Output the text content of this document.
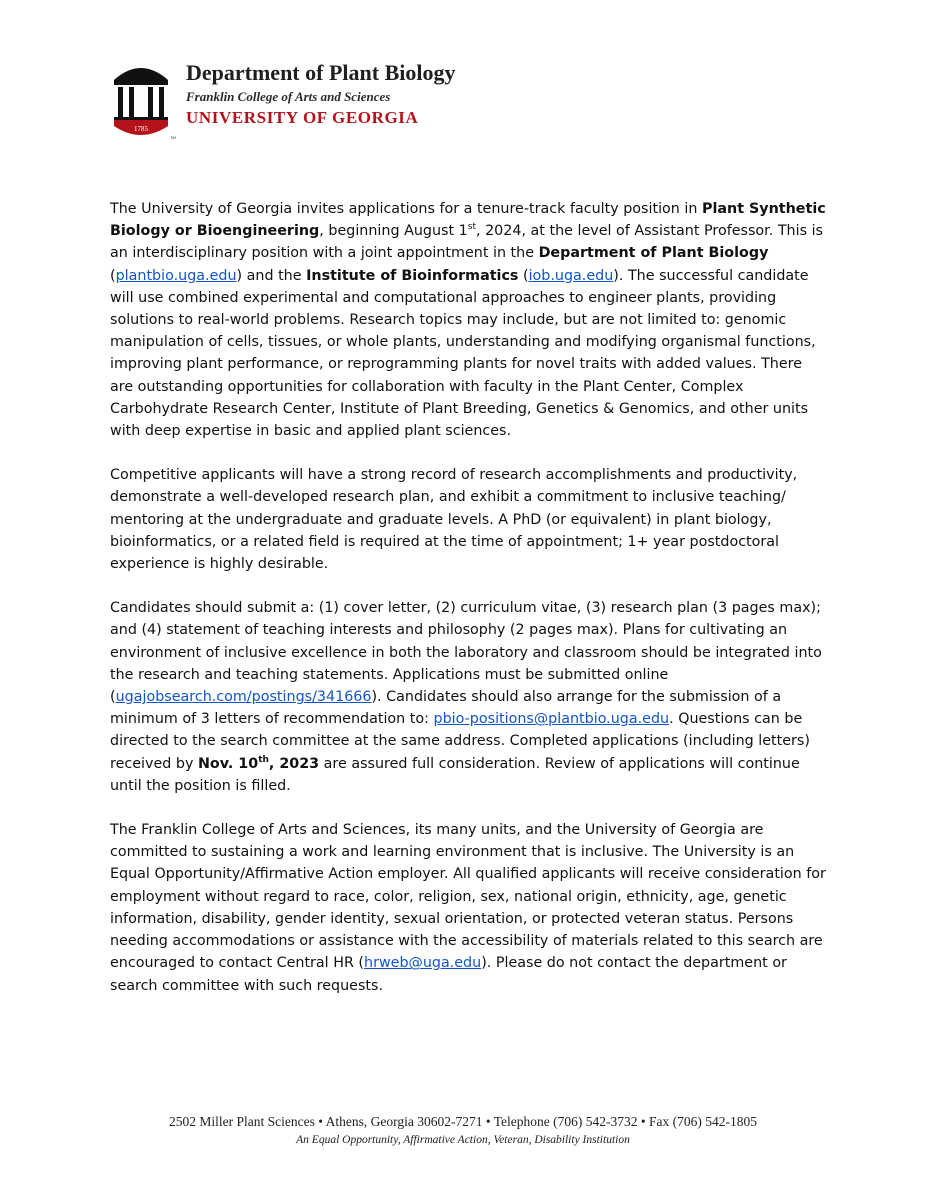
1785
TM
Department of Plant Biology
Franklin College of Arts and Sciences
UNIVERSITY OF GEORGIA

The University of Georgia invites applications for a tenure-track faculty position in Plant Synthetic Biology or Bioengineering, beginning August 1st, 2024, at the level of Assistant Professor. This is an interdisciplinary position with a joint appointment in the Department of Plant Biology (plantbio.uga.edu) and the Institute of Bioinformatics (iob.uga.edu). The successful candidate will use combined experimental and computational approaches to engineer plants, providing solutions to real-world problems. Research topics may include, but are not limited to: genomic manipulation of cells, tissues, or whole plants, understanding and modifying organismal functions, improving plant performance, or reprogramming plants for novel traits with added values. There are outstanding opportunities for collaboration with faculty in the Plant Center, Complex Carbohydrate Research Center, Institute of Plant Breeding, Genetics & Genomics, and other units with deep expertise in basic and applied plant sciences.

Competitive applicants will have a strong record of research accomplishments and productivity, demonstrate a well-developed research plan, and exhibit a commitment to inclusive teaching/ mentoring at the undergraduate and graduate levels. A PhD (or equivalent) in plant biology, bioinformatics, or a related field is required at the time of appointment; 1+ year postdoctoral experience is highly desirable.

Candidates should submit a: (1) cover letter, (2) curriculum vitae, (3) research plan (3 pages max); and (4) statement of teaching interests and philosophy (2 pages max). Plans for cultivating an environment of inclusive excellence in both the laboratory and classroom should be integrated into the research and teaching statements. Applications must be submitted online (ugajobsearch.com/postings/341666). Candidates should also arrange for the submission of a minimum of 3 letters of recommendation to: pbio-positions@plantbio.uga.edu. Questions can be directed to the search committee at the same address. Completed applications (including letters) received by Nov. 10th, 2023 are assured full consideration. Review of applications will continue until the position is filled.

The Franklin College of Arts and Sciences, its many units, and the University of Georgia are committed to sustaining a work and learning environment that is inclusive. The University is an Equal Opportunity/Affirmative Action employer. All qualified applicants will receive consideration for employment without regard to race, color, religion, sex, national origin, ethnicity, age, genetic information, disability, gender identity, sexual orientation, or protected veteran status. Persons needing accommodations or assistance with the accessibility of materials related to this search are encouraged to contact Central HR (hrweb@uga.edu). Please do not contact the department or search committee with such requests.

2502 Miller Plant Sciences • Athens, Georgia 30602-7271 • Telephone (706) 542-3732 • Fax (706) 542-1805
An Equal Opportunity, Affirmative Action, Veteran, Disability Institution
